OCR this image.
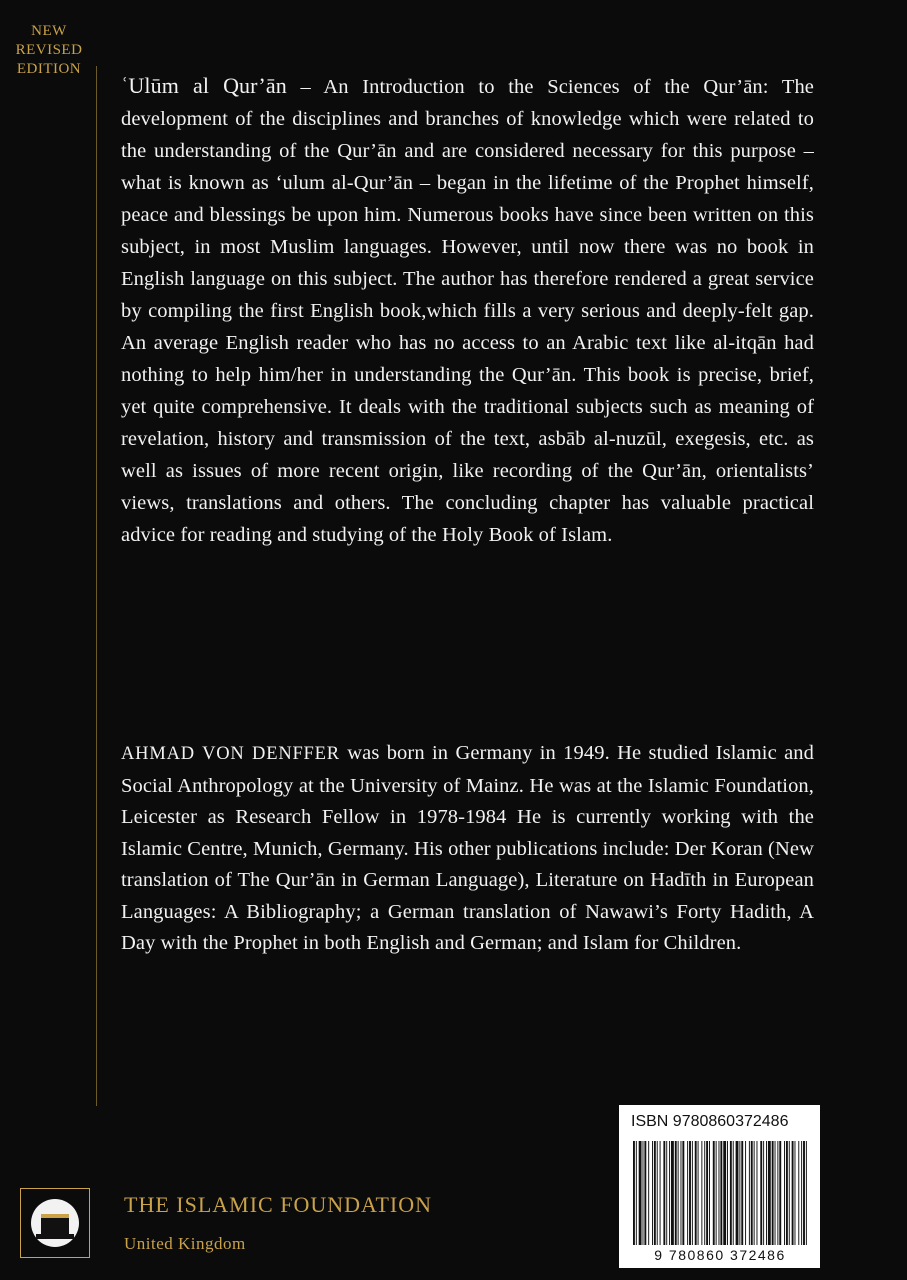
NEW
REVISED
EDITION
ʿUlūm al Qur’ān – An Introduction to the Sciences of the Qur’ān: The development of the disciplines and branches of knowledge which were related to the understanding of the Qur’ān and are considered necessary for this purpose – what is known as ‘ulum al-Qur’ān – began in the lifetime of the Prophet himself, peace and blessings be upon him. Numerous books have since been written on this subject, in most Muslim languages. However, until now there was no book in English language on this subject. The author has therefore rendered a great service by compiling the first English book,which fills a very serious and deeply-felt gap. An average English reader who has no access to an Arabic text like al-itqān had nothing to help him/her in understanding the Qur’ān. This book is precise, brief, yet quite comprehensive. It deals with the traditional subjects such as meaning of revelation, history and transmission of the text, asbāb al-nuzūl, exegesis, etc. as well as issues of more recent origin, like recording of the Qur’ān, orientalists’ views, translations and others. The concluding chapter has valuable practical advice for reading and studying of the Holy Book of Islam.
AHMAD VON DENFFER was born in Germany in 1949. He studied Islamic and Social Anthropology at the University of Mainz. He was at the Islamic Foundation, Leicester as Research Fellow in 1978-1984 He is currently working with the Islamic Centre, Munich, Germany. His other publications include: Der Koran (New translation of The Qur’ān in German Language), Literature on Hadīth in European Languages: A Bibliography; a German translation of Nawawi’s Forty Hadith, A Day with the Prophet in both English and German; and Islam for Children.
THE ISLAMIC FOUNDATION
United Kingdom
ISBN 9780860372486
9 780860 372486
